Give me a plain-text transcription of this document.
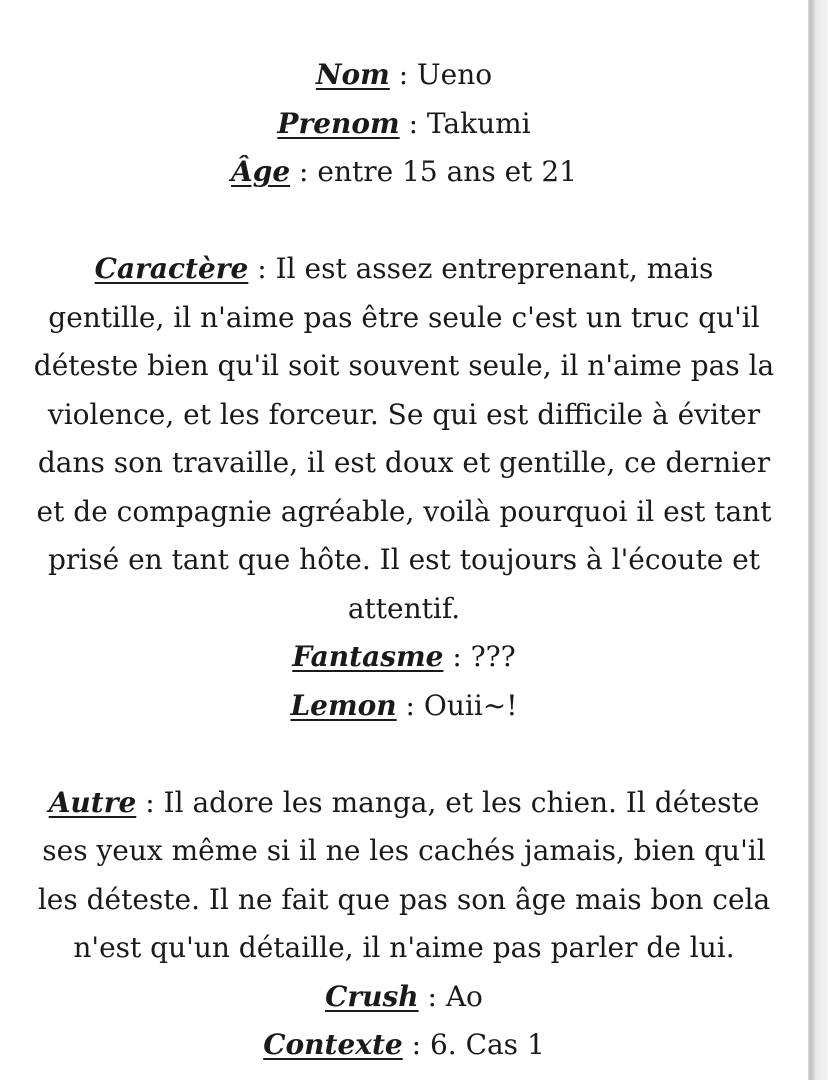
Nom : Ueno
Prenom : Takumi
Âge : entre 15 ans et 21
Caractère : Il est assez entreprenant, mais
gentille, il n'aime pas être seule c'est un truc qu'il
déteste bien qu'il soit souvent seule, il n'aime pas la
violence, et les forceur. Se qui est difficile à éviter
dans son travaille, il est doux et gentille, ce dernier
et de compagnie agréable, voilà pourquoi il est tant
prisé en tant que hôte. Il est toujours à l'écoute et
attentif.
Fantasme : ???
Lemon : Ouii~!
Autre : Il adore les manga, et les chien. Il déteste
ses yeux même si il ne les cachés jamais, bien qu'il
les déteste. Il ne fait que pas son âge mais bon cela
n'est qu'un détaille, il n'aime pas parler de lui.
Crush : Ao
Contexte : 6. Cas 1
